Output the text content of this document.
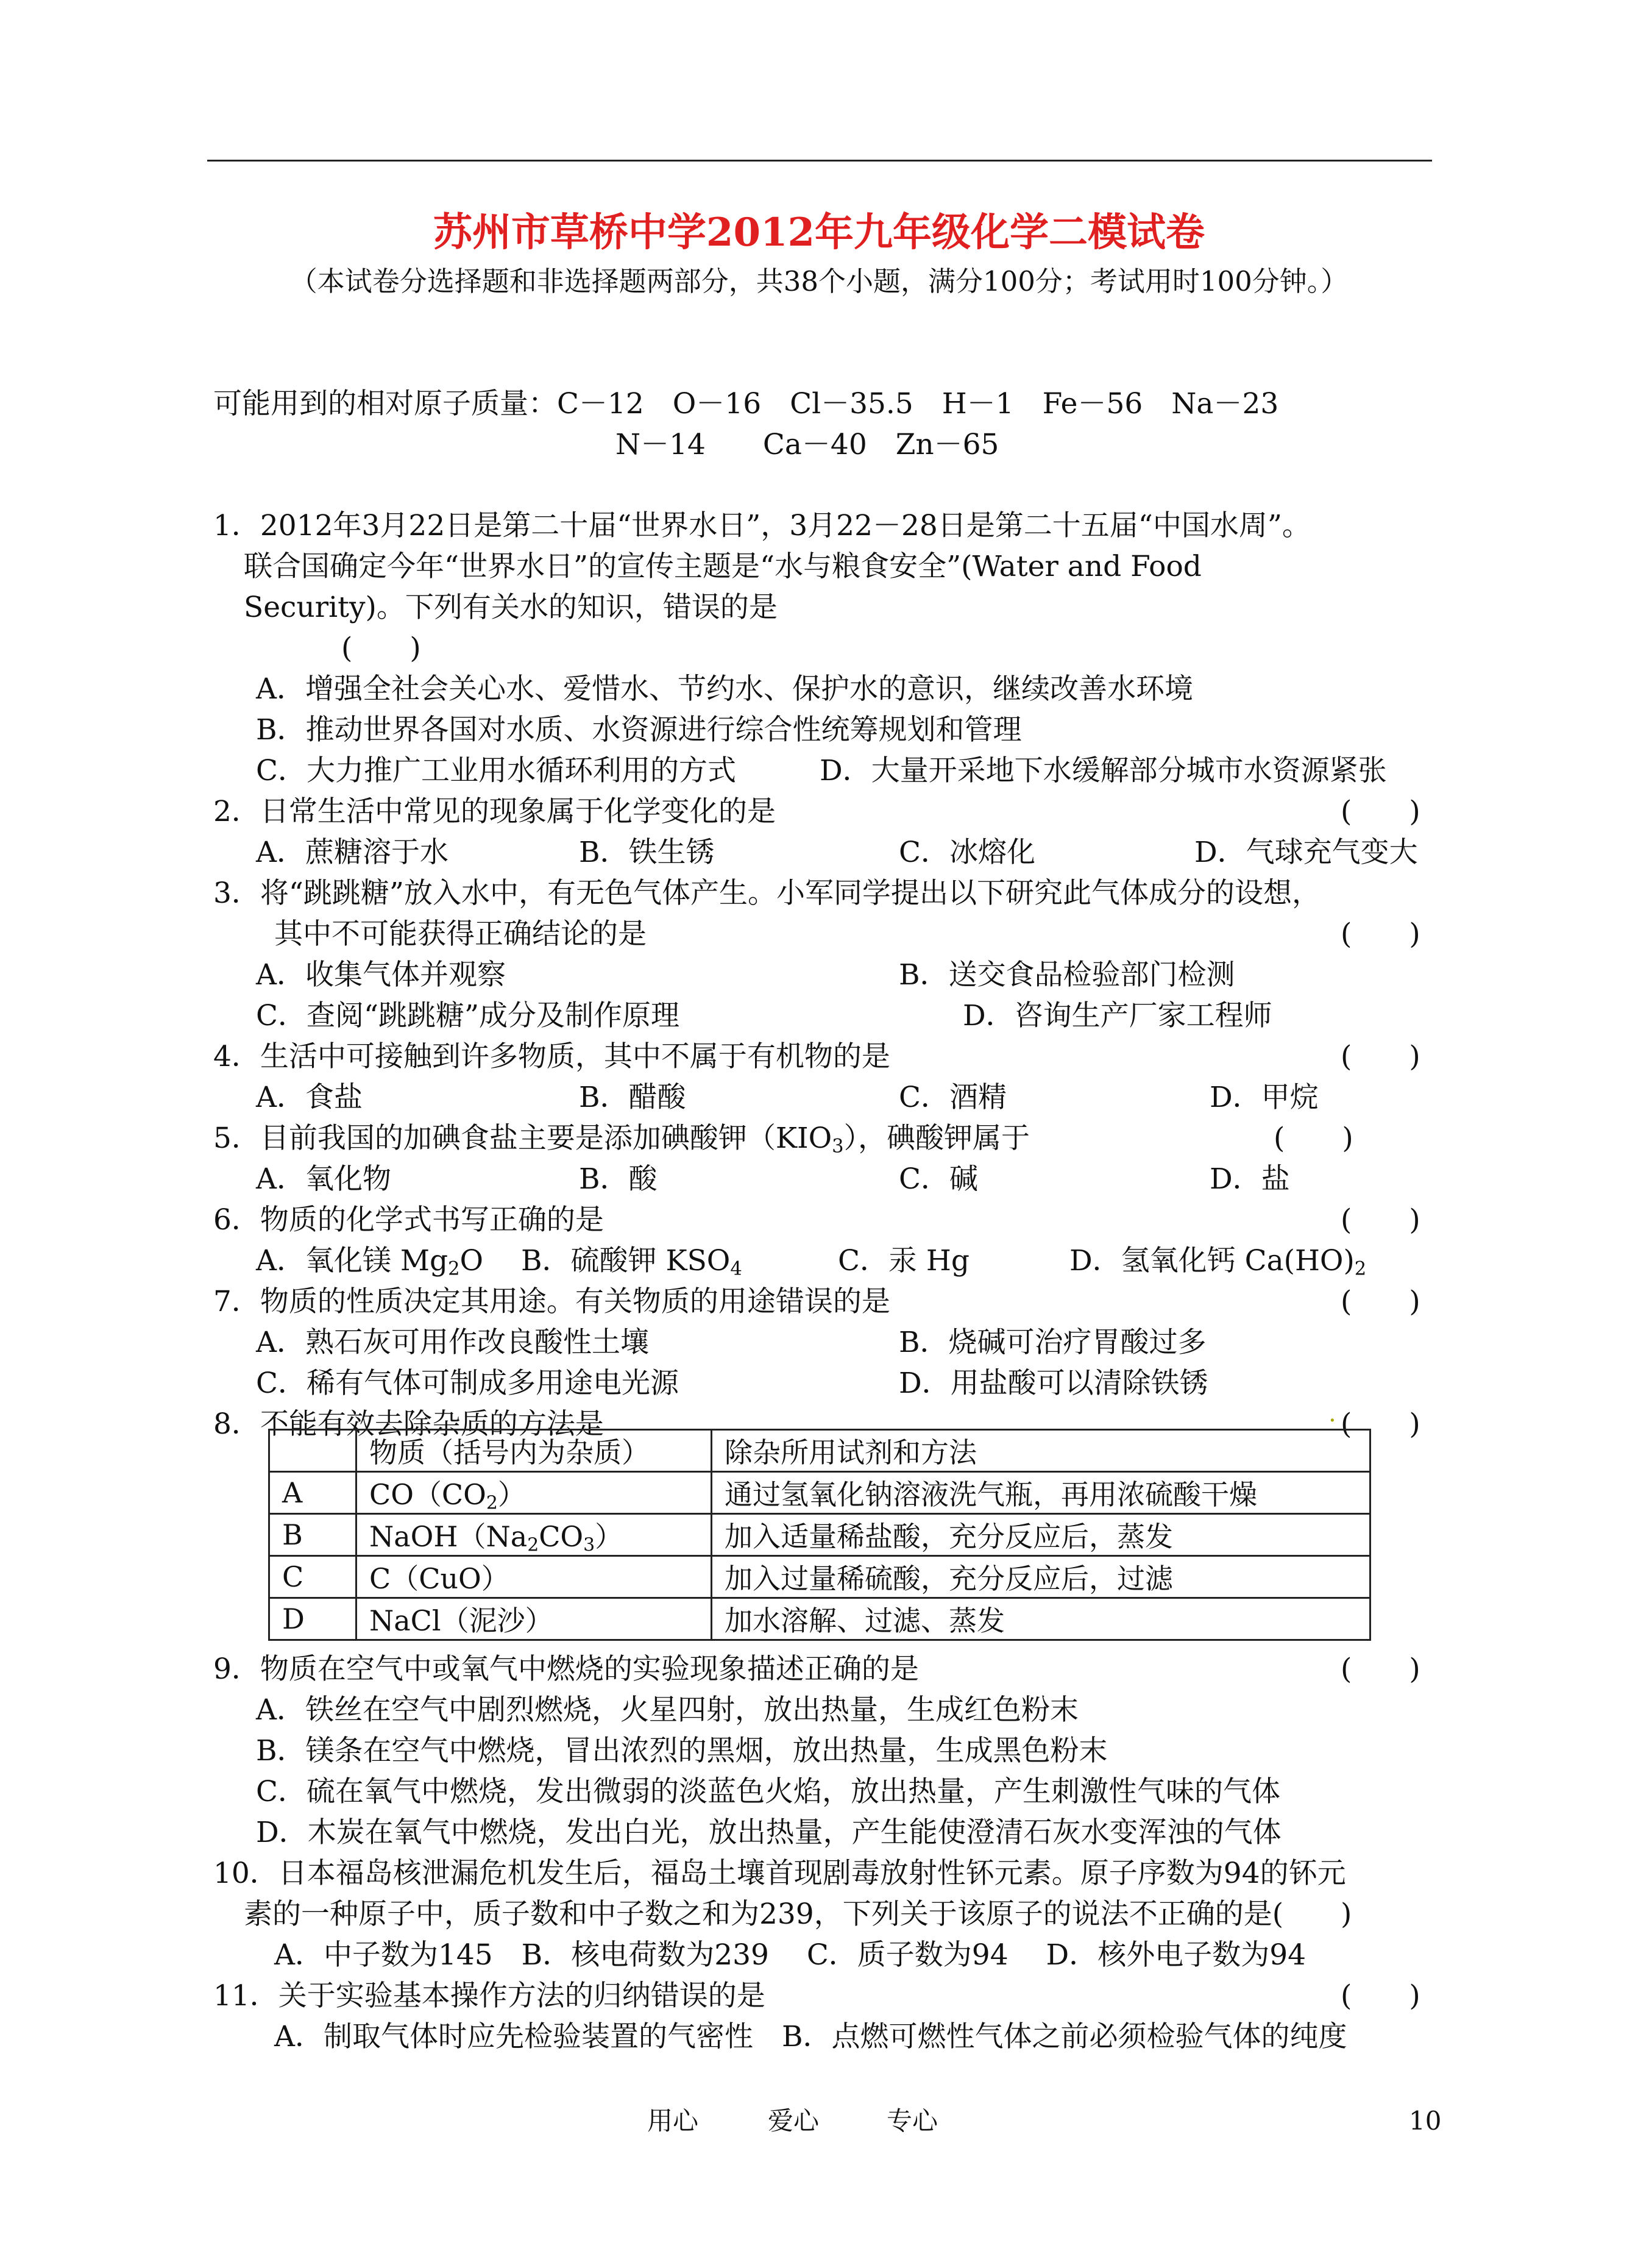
苏州市草桥中学2012年九年级化学二模试卷
（本试卷分选择题和非选择题两部分，共38个小题，满分100分；考试用时100分钟。）
可能用到的相对原子质量：C－12　O－16　Cl－35.5　H－1　Fe－56　Na－23
N－14　　Ca－40　Zn－65
1．2012年3月22日是第二十届“世界水日”，3月22－28日是第二十五届“中国水周”。
联合国确定今年“世界水日”的宣传主题是“水与粮食安全”(Water and Food
Security)。下列有关水的知识，错误的是
(　　)
A．增强全社会关心水、爱惜水、节约水、保护水的意识，继续改善水环境
B．推动世界各国对水质、水资源进行综合性统筹规划和管理
C．大力推广工业用水循环利用的方式	D．大量开采地下水缓解部分城市水资源紧张
2．日常生活中常见的现象属于化学变化的是	(　　)
A．蔗糖溶于水	B．铁生锈	C．冰熔化	D．气球充气变大
3．将“跳跳糖”放入水中，有无色气体产生。小军同学提出以下研究此气体成分的设想，
其中不可能获得正确结论的是	(　　)
A．收集气体并观察	B．送交食品检验部门检测
C．查阅“跳跳糖”成分及制作原理	D．咨询生产厂家工程师
4．生活中可接触到许多物质，其中不属于有机物的是	(　　)
A．食盐	B．醋酸	C．酒精	D．甲烷
5．目前我国的加碘食盐主要是添加碘酸钾$(KIO_3)$，碘酸钾属于	(　　)
A．氧化物	B．酸	C．碱	D．盐
6．物质的化学式书写正确的是	(　　)
A．氧化镁 $Mg_2O$ B．硫酸钾 $KSO_4$	C．汞 Hg	D．氢氧化钙 $Ca(HO)_2$
7．物质的性质决定其用途。有关物质的用途错误的是	(　　)
A．熟石灰可用作改良酸性土壤	B．烧碱可治疗胃酸过多
C．稀有气体可制成多用途电光源	D．用盐酸可以清除铁锈
8．不能有效去除杂质的方法是	. (　　)
	物质（括号内为杂质）	除杂所用试剂和方法
A	$CO(CO_2)$	通过氢氧化钠溶液洗气瓶，再用浓硫酸干燥
B	$NaOH(Na_2CO_3)$	加入适量稀盐酸，充分反应后，蒸发
C	C（CuO）	加入过量稀硫酸，充分反应后，过滤
D	NaCl（泥沙）	加水溶解、过滤、蒸发
9．物质在空气中或氧气中燃烧的实验现象描述正确的是	(　　)
A．铁丝在空气中剧烈燃烧，火星四射，放出热量，生成红色粉末
B．镁条在空气中燃烧，冒出浓烈的黑烟，放出热量，生成黑色粉末
C．硫在氧气中燃烧，发出微弱的淡蓝色火焰，放出热量，产生刺激性气味的气体
D．木炭在氧气中燃烧，发出白光，放出热量，产生能使澄清石灰水变浑浊的气体
10．日本福岛核泄漏危机发生后，福岛土壤首现剧毒放射性钚元素。原子序数为94的钚元
素的一种原子中，质子数和中子数之和为239，下列关于该原子的说法不正确的是(　　)
A．中子数为145　B．核电荷数为239　 C．质子数为94　 D．核外电子数为94
11．关于实验基本操作方法的归纳错误的是	(　　)
A．制取气体时应先检验装置的气密性　B．点燃可燃性气体之前必须检验气体的纯度
用心	爱心	专心	10
